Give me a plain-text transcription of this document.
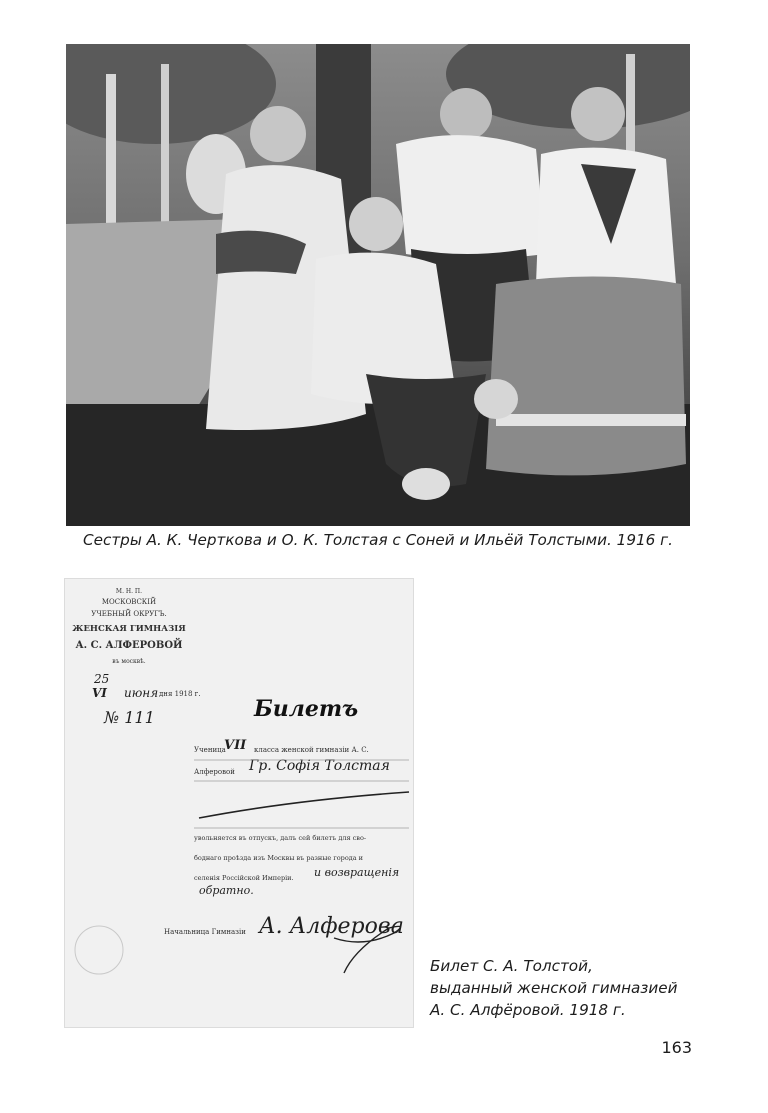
Сестры А. К. Черткова и О. К. Толстая с Соней и Ильёй Толстыми. 1916 г.
М. Н. П.
МОСКОВСКІЙ
УЧЕБНЫЙ ОКРУГЪ.
ЖЕНСКАЯ ГИМНАЗІЯ
А. С. АЛФЕРОВОЙ
въ москвѣ.
25
VI июня дня 1918 г.
№ 111	Билетъ
Ученица
VII класса женской гимназіи А. С.
Алферовой Гр. Софія Толстая
увольняется въ отпускъ, далъ сей билетъ для сво-
боднаго проѣзда изъ Москвы въ разные города и
селенія Россійской Имперіи. и возвращенія
обратно.
Начальница Гимназіи А. Алферова
Билет С. А. Толстой,
выданный женской гимназией
А. С. Алфёровой. 1918 г.
163
